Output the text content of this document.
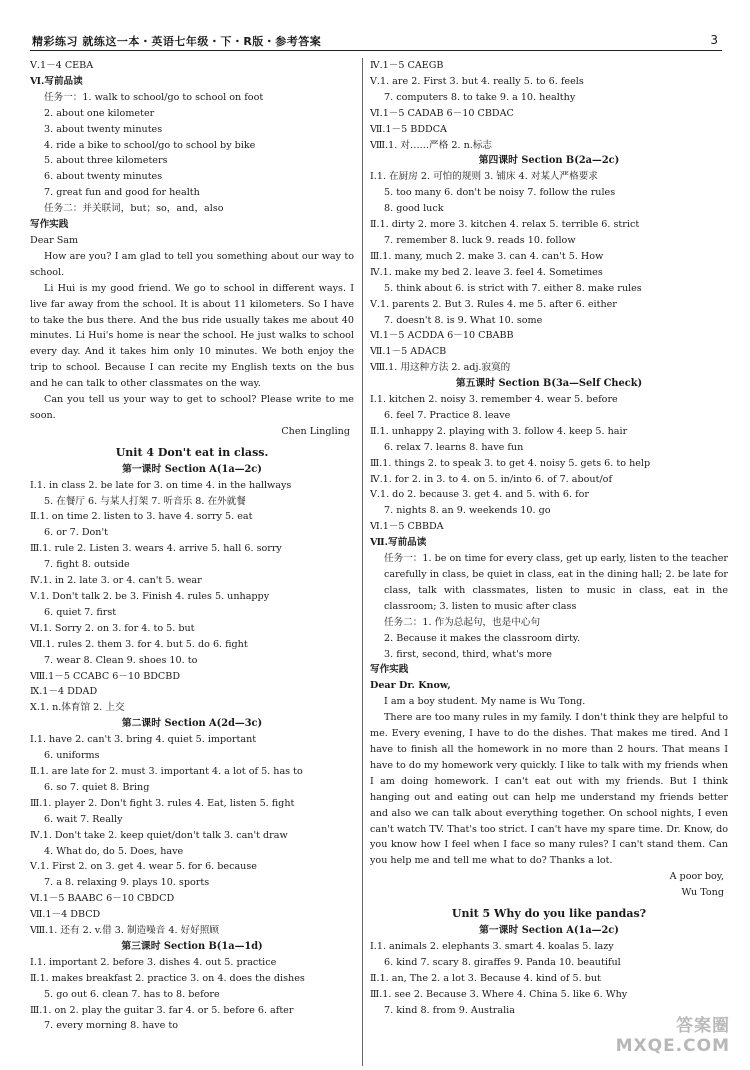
精彩练习 就练这一本・英语七年级・下・R版・参考答案	3
Ⅴ.1－4 CEBA
Ⅵ.写前品读
任务一：1. walk to school/go to school on foot
2. about one kilometer
3. about twenty minutes
4. ride a bike to school/go to school by bike
5. about three kilometers
6. about twenty minutes
7. great fun and good for health
任务二：并关联词，but；so，and，also
写作实践
Dear Sam
How are you? I am glad to tell you something about our way to school.
Li Hui is my good friend. We go to school in different ways. I live far away from the school. It is about 11 kilometers. So I have to take the bus there. And the bus ride usually takes me about 40 minutes. Li Hui's home is near the school. He just walks to school every day. And it takes him only 10 minutes. We both enjoy the trip to school. Because I can recite my English texts on the bus and he can talk to other classmates on the way.
Can you tell us your way to get to school? Please write to me soon.
Chen Lingling
Unit 4 Don't eat in class.
第一课时 Section A(1a—2c)
Ⅰ.1. in class 2. be late for 3. on time 4. in the hallways
5. 在餐厅 6. 与某人打架 7. 听音乐 8. 在外就餐
Ⅱ.1. on time 2. listen to 3. have 4. sorry 5. eat
6. or 7. Don't
Ⅲ.1. rule 2. Listen 3. wears 4. arrive 5. hall 6. sorry
7. fight 8. outside
Ⅳ.1. in 2. late 3. or 4. can't 5. wear
Ⅴ.1. Don't talk 2. be 3. Finish 4. rules 5. unhappy
6. quiet 7. first
Ⅵ.1. Sorry 2. on 3. for 4. to 5. but
Ⅶ.1. rules 2. them 3. for 4. but 5. do 6. fight
7. wear 8. Clean 9. shoes 10. to
Ⅷ.1－5 CCABC 6－10 BDCBD
Ⅸ.1－4 DDAD
Ⅹ.1. n.体育馆 2. 上交
第二课时 Section A(2d—3c)
Ⅰ.1. have 2. can't 3. bring 4. quiet 5. important
6. uniforms
Ⅱ.1. are late for 2. must 3. important 4. a lot of 5. has to
6. so 7. quiet 8. Bring
Ⅲ.1. player 2. Don't fight 3. rules 4. Eat, listen 5. fight
6. wait 7. Really
Ⅳ.1. Don't take 2. keep quiet/don't talk 3. can't draw
4. What do, do 5. Does, have
Ⅴ.1. First 2. on 3. get 4. wear 5. for 6. because
7. a 8. relaxing 9. plays 10. sports
Ⅵ.1－5 BAABC 6－10 CBDCD
Ⅶ.1－4 DBCD
Ⅷ.1. 还有 2. v.借 3. 制造噪音 4. 好好照顾
第三课时 Section B(1a—1d)
Ⅰ.1. important 2. before 3. dishes 4. out 5. practice
Ⅱ.1. makes breakfast 2. practice 3. on 4. does the dishes
5. go out 6. clean 7. has to 8. before
Ⅲ.1. on 2. play the guitar 3. far 4. or 5. before 6. after
7. every morning 8. have to
Ⅳ.1－5 CAEGB
Ⅴ.1. are 2. First 3. but 4. really 5. to 6. feels
7. computers 8. to take 9. a 10. healthy
Ⅵ.1－5 CADAB 6－10 CBDAC
Ⅶ.1－5 BDDCA
Ⅷ.1. 对……严格 2. n.标志
第四课时 Section B(2a—2c)
Ⅰ.1. 在厨房 2. 可怕的规则 3. 铺床 4. 对某人严格要求
5. too many 6. don't be noisy 7. follow the rules
8. good luck
Ⅱ.1. dirty 2. more 3. kitchen 4. relax 5. terrible 6. strict
7. remember 8. luck 9. reads 10. follow
Ⅲ.1. many, much 2. make 3. can 4. can't 5. How
Ⅳ.1. make my bed 2. leave 3. feel 4. Sometimes
5. think about 6. is strict with 7. either 8. make rules
Ⅴ.1. parents 2. But 3. Rules 4. me 5. after 6. either
7. doesn't 8. is 9. What 10. some
Ⅵ.1－5 ACDDA 6－10 CBABB
Ⅶ.1－5 ADACB
Ⅷ.1. 用这种方法 2. adj.寂寞的
第五课时 Section B(3a—Self Check)
Ⅰ.1. kitchen 2. noisy 3. remember 4. wear 5. before
6. feel 7. Practice 8. leave
Ⅱ.1. unhappy 2. playing with 3. follow 4. keep 5. hair
6. relax 7. learns 8. have fun
Ⅲ.1. things 2. to speak 3. to get 4. noisy 5. gets 6. to help
Ⅳ.1. for 2. in 3. to 4. on 5. in/into 6. of 7. about/of
Ⅴ.1. do 2. because 3. get 4. and 5. with 6. for
7. nights 8. an 9. weekends 10. go
Ⅵ.1－5 CBBDA
Ⅶ.写前品读
任务一：1. be on time for every class, get up early, listen to the teacher carefully in class, be quiet in class, eat in the dining hall; 2. be late for class, talk with classmates, listen to music in class, eat in the classroom; 3. listen to music after class
任务二：1. 作为总起句，也是中心句
2. Because it makes the classroom dirty.
3. first, second, third, what's more
写作实践
Dear Dr. Know,
I am a boy student. My name is Wu Tong.
There are too many rules in my family. I don't think they are helpful to me. Every evening, I have to do the dishes. That makes me tired. And I have to finish all the homework in no more than 2 hours. That means I have to do my homework very quickly. I like to talk with my friends when I am doing homework. I can't eat out with my friends. But I think hanging out and eating out can help me understand my friends better and also we can talk about everything together. On school nights, I even can't watch TV. That's too strict. I can't have my spare time. Dr. Know, do you know how I feel when I face so many rules? I can't stand them. Can you help me and tell me what to do? Thanks a lot.
A poor boy,
Wu Tong
Unit 5 Why do you like pandas?
第一课时 Section A(1a—2c)
Ⅰ.1. animals 2. elephants 3. smart 4. koalas 5. lazy
6. kind 7. scary 8. giraffes 9. Panda 10. beautiful
Ⅱ.1. an, The 2. a lot 3. Because 4. kind of 5. but
Ⅲ.1. see 2. Because 3. Where 4. China 5. like 6. Why
7. kind 8. from 9. Australia
答案圈
MXQE.COM
